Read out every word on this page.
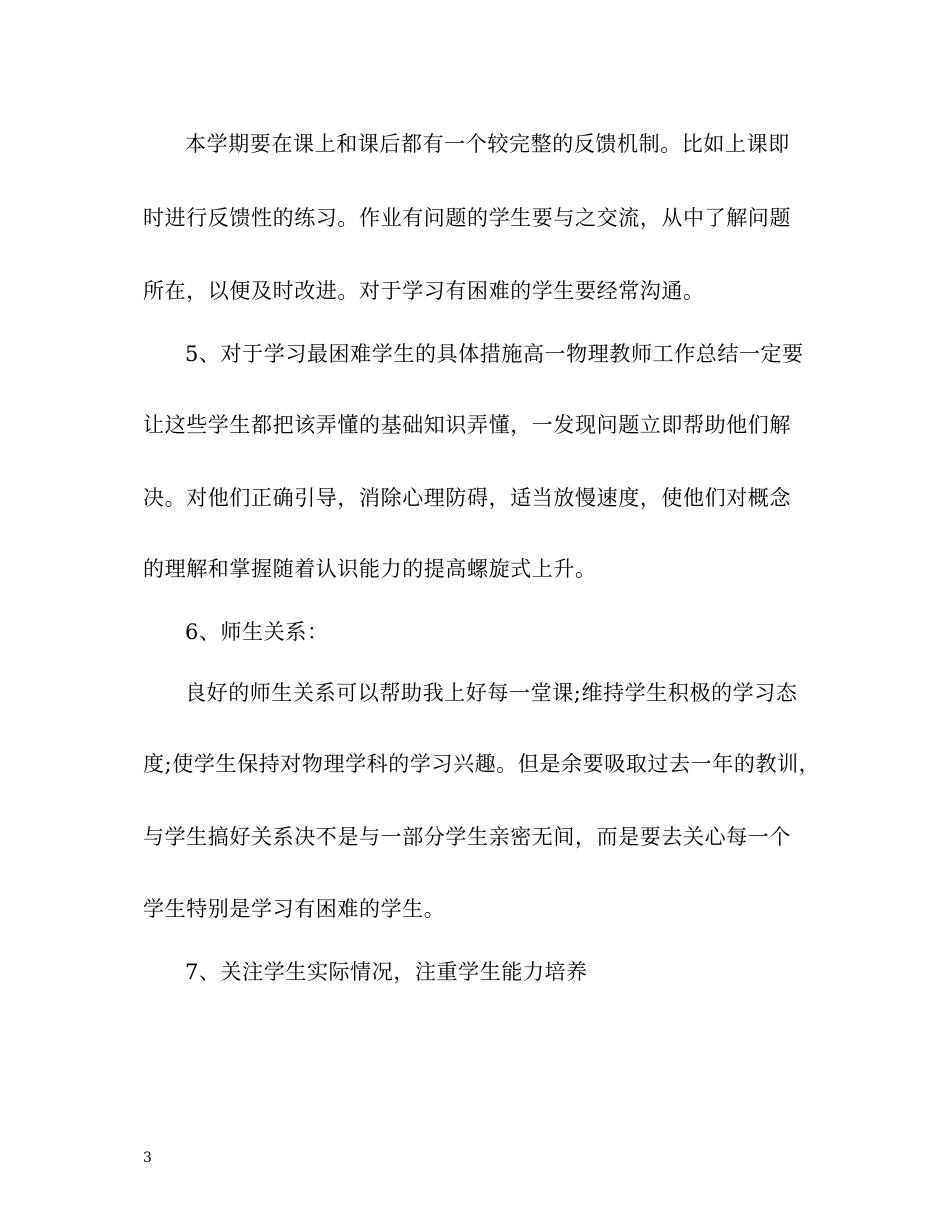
本学期要在课上和课后都有一个较完整的反馈机制。比如上课即
时进行反馈性的练习。作业有问题的学生要与之交流，从中了解问题
所在，以便及时改进。对于学习有困难的学生要经常沟通。
5、对于学习最困难学生的具体措施高一物理教师工作总结一定要
让这些学生都把该弄懂的基础知识弄懂，一发现问题立即帮助他们解
决。对他们正确引导，消除心理防碍，适当放慢速度，使他们对概念
的理解和掌握随着认识能力的提高螺旋式上升。
6、师生关系：
良好的师生关系可以帮助我上好每一堂课;维持学生积极的学习态
度;使学生保持对物理学科的学习兴趣。但是余要吸取过去一年的教训，
与学生搞好关系决不是与一部分学生亲密无间，而是要去关心每一个
学生特别是学习有困难的学生。
7、关注学生实际情况，注重学生能力培养
3
